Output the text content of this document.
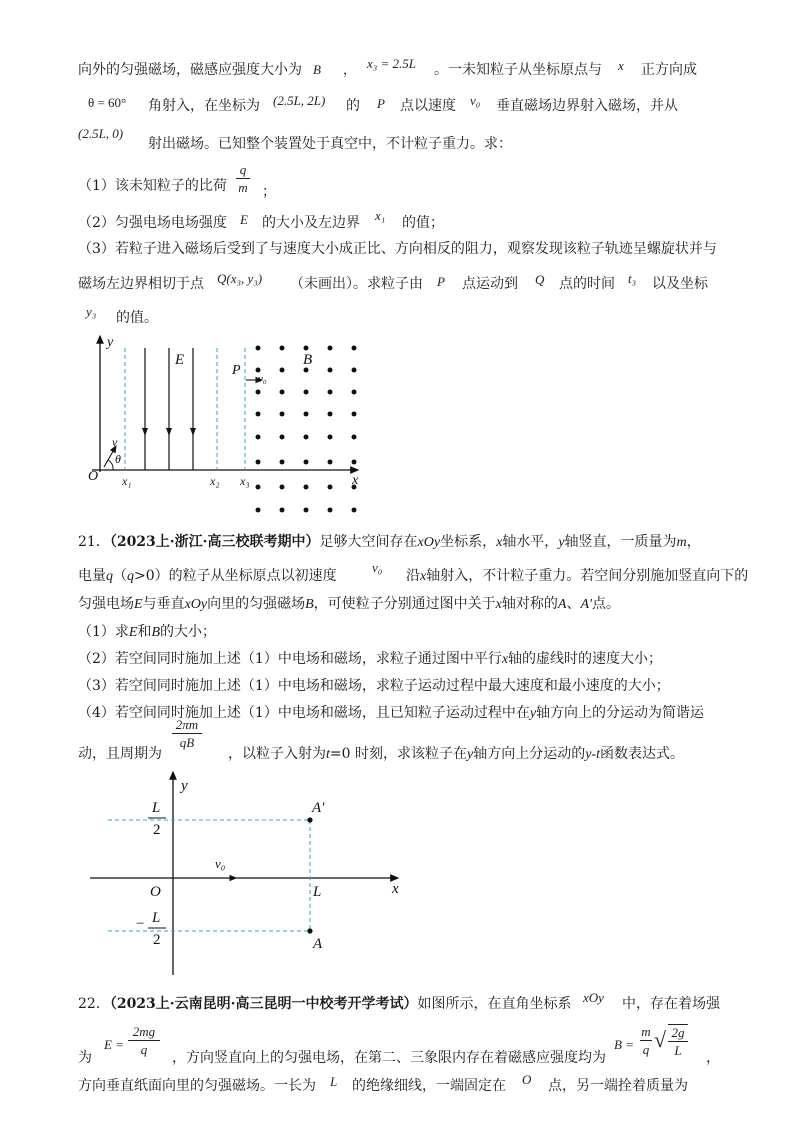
向外的匀强磁场，磁感应强度大小为 B ， x₃ = 2.5L 。一未知粒子从坐标原点与 x 正方向成
θ = 60° 角射入，在坐标为 (2.5L, 2L) 的 P 点以速度 v₀ 垂直磁场边界射入磁场，并从
(2.5L, 0)
射出磁场。已知整个装置处于真空中，不计粒子重力。求：
（1）该未知粒子的比荷
q
m ；
（2）匀强电场电场强度 E 的大小及左边界 x₁ 的值；
（3）若粒子进入磁场后受到了与速度大小成正比、方向相反的阻力，观察发现该粒子轨迹呈螺旋状并与
磁场左边界相切于点 Q(x₃, y₃) （未画出）。求粒子由 P 点运动到 Q 点的时间 t₃ 以及坐标
y₃ 的值。
y
E	B
P
v₀
v
θ
O	x
x₁	x₂ x₃
21．（2023上·浙江·高三校联考期中）足够大空间存在xOy坐标系，x轴水平，y轴竖直，一质量为m，
电量q（q>0）的粒子从坐标原点以初速度
v₀
沿x轴射入，不计粒子重力。若空间分别施加竖直向下的
匀强电场E与垂直xOy向里的匀强磁场B，可使粒子分别通过图中关于x轴对称的A、A'点。
（1）求E和B的大小；
（2）若空间同时施加上述（1）中电场和磁场，求粒子通过图中平行x轴的虚线时的速度大小；
（3）若空间同时施加上述（1）中电场和磁场，求粒子运动过程中最大速度和最小速度的大小；
（4）若空间同时施加上述（1）中电场和磁场，且已知粒子运动过程中在y轴方向上的分运动为简谐运
动，且周期为
2πm
qB
，以粒子入射为t=0 时刻，求该粒子在y轴方向上分运动的y-t函数表达式。
y
L
2
A′
v₀
O	L	x
− L
2	A
22．（2023上·云南昆明·高三昆明一中校考开学考试）如图所示，在直角坐标系 xOy 中，存在着场强
为
E =
2mg
q
，方向竖直向上的匀强电场，在第二、三象限内存在着磁感应强度均为
B =
m
q √ 2g
L	，
方向垂直纸面向里的匀强磁场。一长为 L 的绝缘细线，一端固定在 O 点，另一端拴着质量为
